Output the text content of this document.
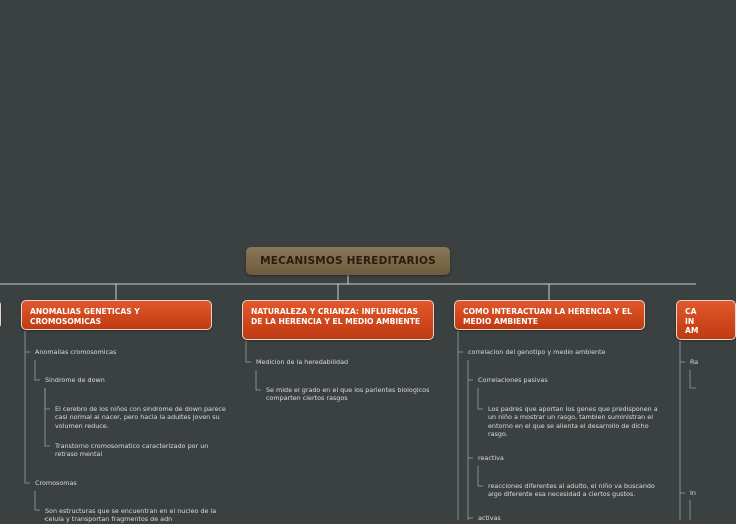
MECANISMOS HEREDITARIOS
ANOMALIAS GENETICAS Y CROMOSOMICAS
Anomalias cromosomicas
Sindrome de down
El cerebro de los niños con sindrome de down parece casi normal al nacer, pero hacia la adultes joven su volumen reduce.
Transtorno cromosomatico caracterizado por un retraso mental
Cromosomas
Son estructuras que se encuentran en el nucleo de la celula y transportan fragmentos de adn
NATURALEZA Y CRIANZA: INFLUENCIAS DE LA HERENCIA Y EL MEDIO AMBIENTE
Medicion de la heredabilidad
Se mide el grado en el que los parientes biologicos comparten ciertos rasgos
COMO INTERACTUAN LA HERENCIA Y EL MEDIO AMBIENTE
correlacion del genotipo y medio ambiente
Correlaciones pasivas
Los padres que aportan los genes que predisponen a un niño a mostrar un rasgo, tambien suministran el entorno en el que se alienta el desarrollo de dicho rasgo.
reactiva
reacciones diferentes al adulto, el niño va buscando algo diferente esa necesidad a ciertos gustos.
activas
CA IN AM
Ra
In
